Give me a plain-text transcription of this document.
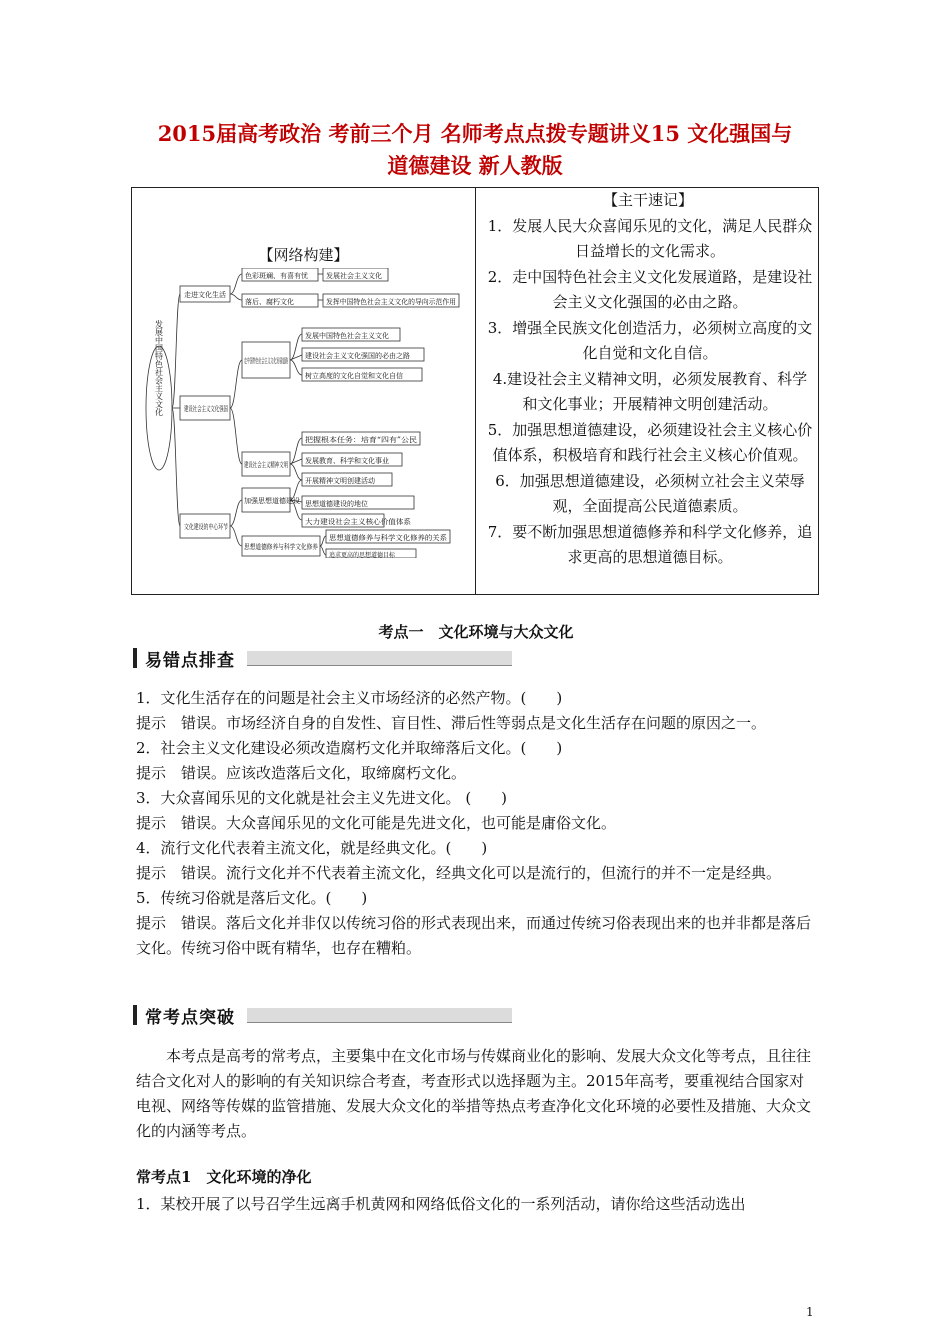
2015届高考政治 考前三个月 名师考点点拨专题讲义15 文化强国与
道德建设 新人教版
【网络构建】
发展中国特色社会主义文化
走进文化生活
建设社会主义文化强国
文化建设的中心环节
色彩斑斓、有喜有忧
落后、腐朽文化
发展社会主义文化
发挥中国特色社会主义文化的导向示范作用
走中国特色社会主义文化发展道路
建设社会主义精神文明
发展中国特色社会主义文化
建设社会主义文化强国的必由之路
树立高度的文化自觉和文化自信
把握根本任务：培育“四有”公民
发展教育、科学和文化事业
开展精神文明创建活动
加强思想道德建设
思想道德修养与科学文化修养
思想道德建设的地位
大力建设社会主义核心价值体系
思想道德修养与科学文化修养的关系
追求更高的思想道德目标
【主干速记】
1．发展人民大众喜闻乐见的文化，满足人民群众日益增长的文化需求。
2．走中国特色社会主义文化发展道路，是建设社会主义文化强国的必由之路。
3．增强全民族文化创造活力，必须树立高度的文化自觉和文化自信。
4.建设社会主义精神文明，必须发展教育、科学和文化事业；开展精神文明创建活动。
5．加强思想道德建设，必须建设社会主义核心价值体系，积极培育和践行社会主义核心价值观。
6．加强思想道德建设，必须树立社会主义荣辱观，全面提高公民道德素质。
7．要不断加强思想道德修养和科学文化修养，追求更高的思想道德目标。
考点一　文化环境与大众文化
易错点排查

1．文化生活存在的问题是社会主义市场经济的必然产物。(　　)

提示　错误。市场经济自身的自发性、盲目性、滞后性等弱点是文化生活存在问题的原因之一。

2．社会主义文化建设必须改造腐朽文化并取缔落后文化。(　　)

提示　错误。应该改造落后文化，取缔腐朽文化。

3．大众喜闻乐见的文化就是社会主义先进文化。 (　　)

提示　错误。大众喜闻乐见的文化可能是先进文化，也可能是庸俗文化。

4．流行文化代表着主流文化，就是经典文化。(　　)

提示　错误。流行文化并不代表着主流文化，经典文化可以是流行的，但流行的并不一定是经典。

5．传统习俗就是落后文化。(　　)

提示　错误。落后文化并非仅以传统习俗的形式表现出来，而通过传统习俗表现出来的也并非都是落后文化。传统习俗中既有精华，也存在糟粕。

常考点突破

本考点是高考的常考点，主要集中在文化市场与传媒商业化的影响、发展大众文化等考点，且往往结合文化对人的影响的有关知识综合考查，考查形式以选择题为主。2015年高考，要重视结合国家对电视、网络等传媒的监管措施、发展大众文化的举措等热点考查净化文化环境的必要性及措施、大众文化的内涵等考点。

常考点1　文化环境的净化

1．某校开展了以号召学生远离手机黄网和网络低俗文化的一系列活动，请你给这些活动选出

1
